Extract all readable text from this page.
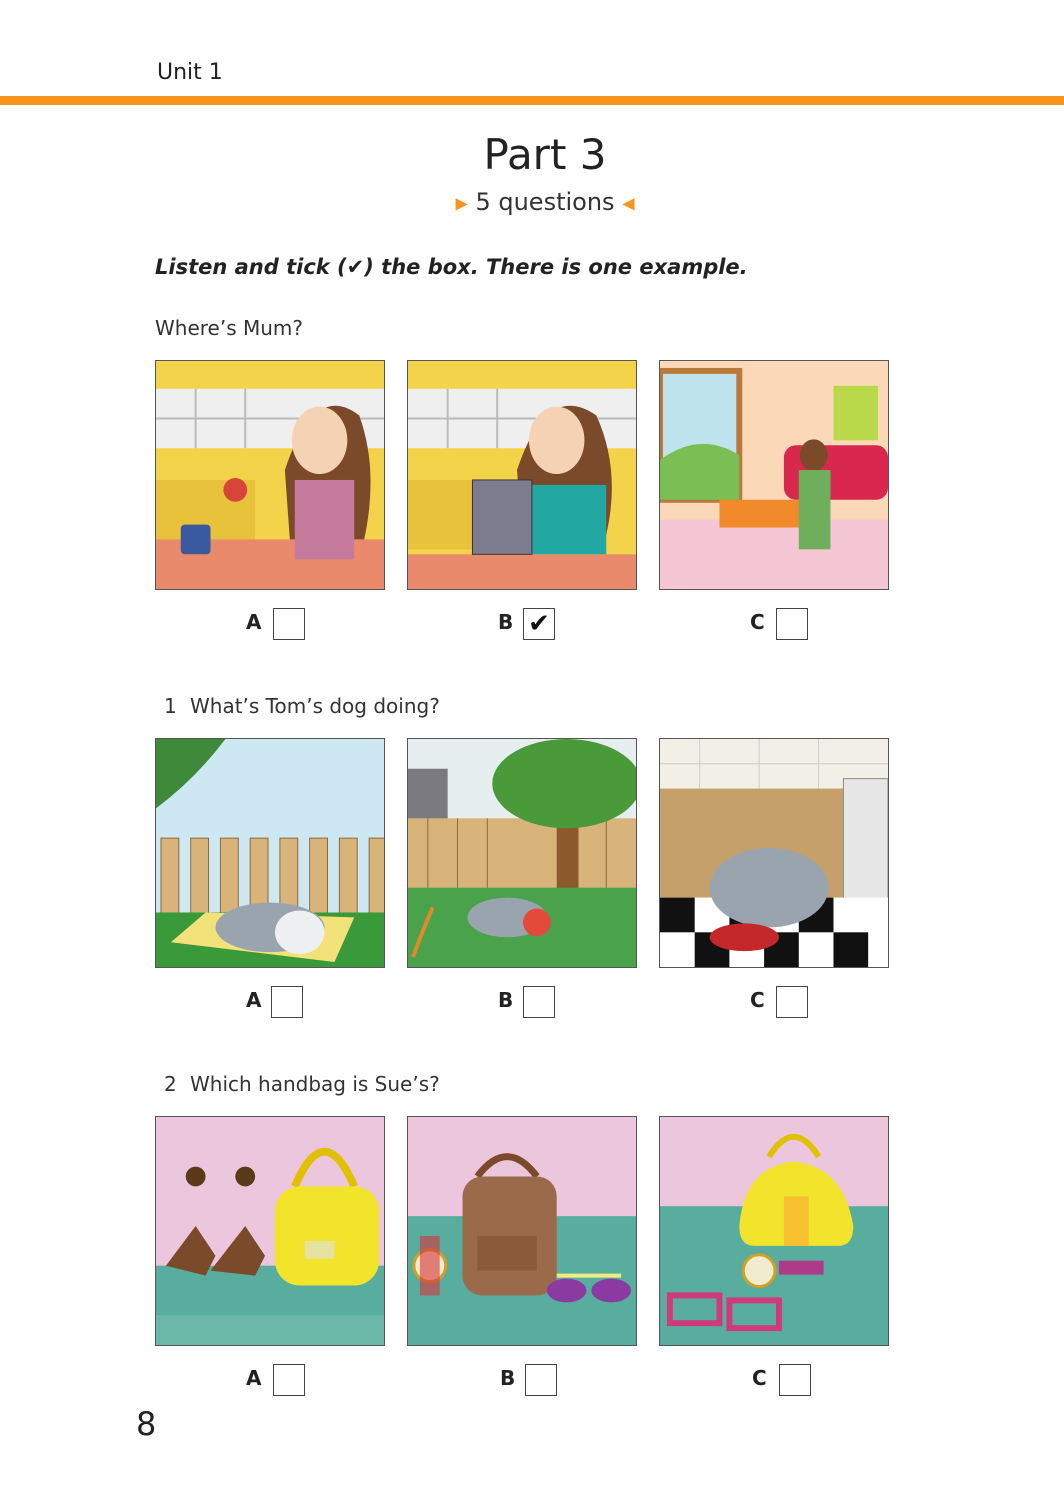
Unit 1
Part 3
▶ 5 questions ◀
Listen and tick (✔) the box. There is one example.
Where’s Mum?
A	B ✔	C
1 What’s Tom’s dog doing?
A	B	C
2 Which handbag is Sue’s?
A	B	C
8
